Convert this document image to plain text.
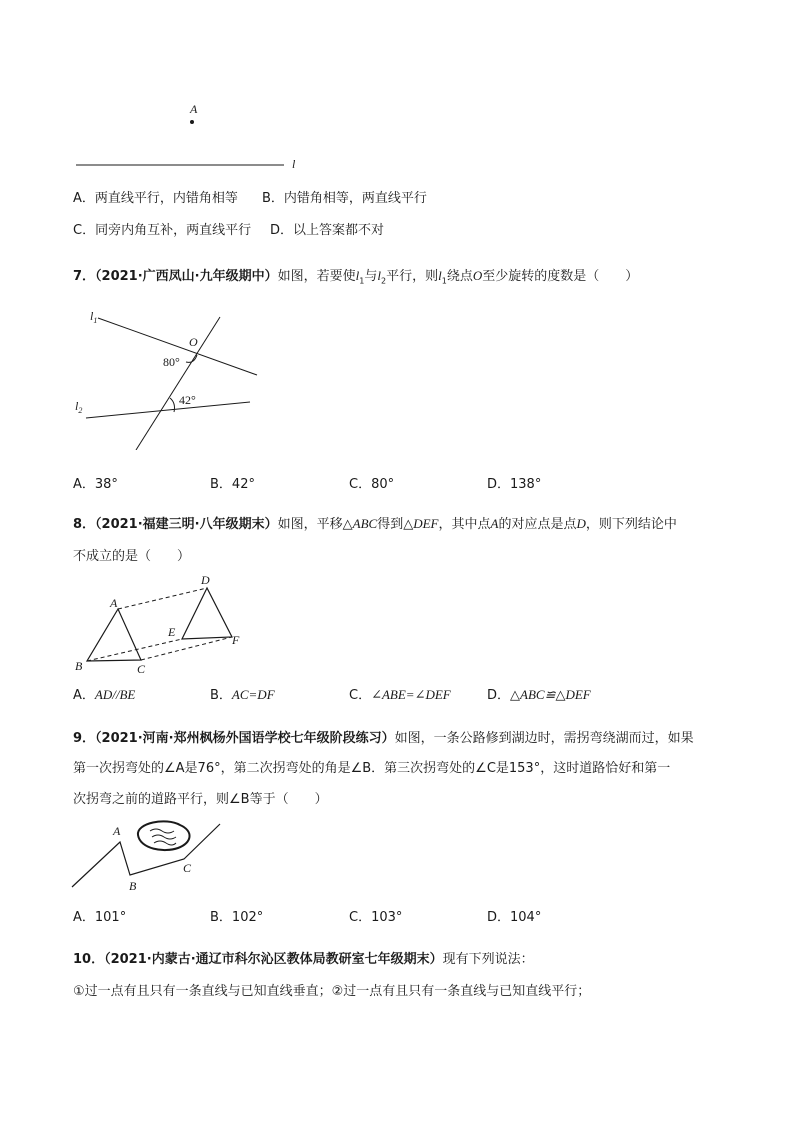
A
l
A．两直线平行，内错角相等 B．内错角相等，两直线平行
C．同旁内角互补，两直线平行 D．以上答案都不对
7．（2021·广西凤山·九年级期中）如图，若要使$l_1$与$l_2$平行，则$l_1$绕点O至少旋转的度数是（　　）
$l_1$
$l_2$
O
80°
42°
A．38°	B．42°	C．80°	D．138°
8．（2021·福建三明·八年级期末）如图，平移△ABC得到△DEF，其中点A的对应点是点D，则下列结论中
不成立的是（　　）
A
B	C
D
E
F
A．AD//BE	B．AC=DF	C．∠ABE=∠DEF	D．△ABC≌△DEF
9．（2021·河南·郑州枫杨外国语学校七年级阶段练习）如图，一条公路修到湖边时，需拐弯绕湖而过，如果
第一次拐弯处的∠A是76°，第二次拐弯处的角是∠B．第三次拐弯处的∠C是153°，这时道路恰好和第一
次拐弯之前的道路平行，则∠B等于（　　）
A
B
C
A．101°	B．102°	C．103°	D．104°
10．（2021·内蒙古·通辽市科尔沁区教体局教研室七年级期末）现有下列说法：
①过一点有且只有一条直线与已知直线垂直；②过一点有且只有一条直线与已知直线平行；
